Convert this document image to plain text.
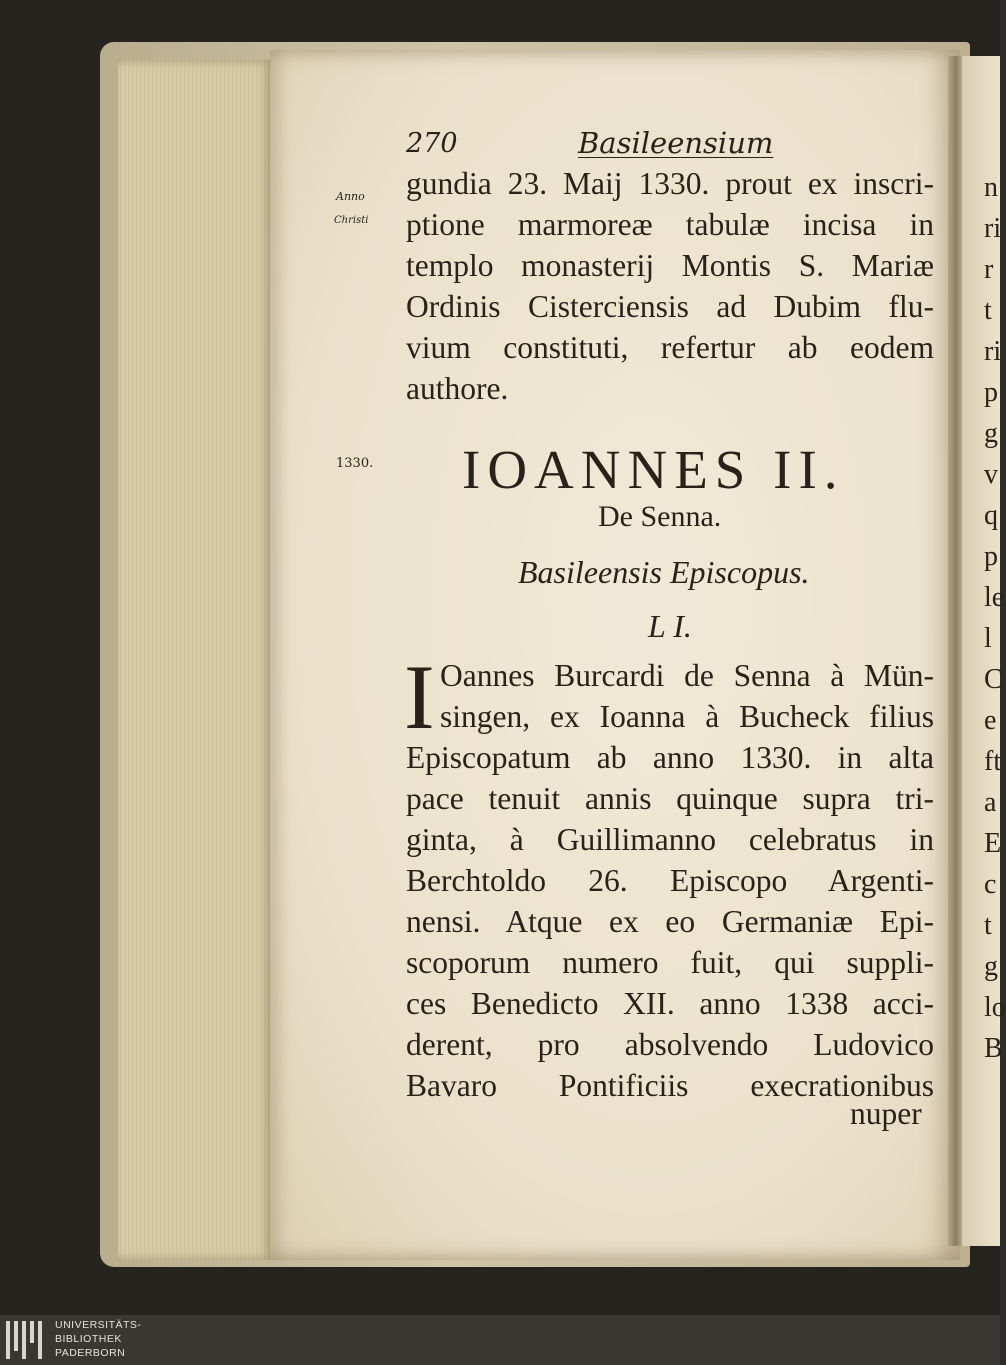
270	Basileensium
Anno
Christi
1330.
gundia 23. Maij 1330. prout ex inscri-
ptione marmoreæ tabulæ incisa in
templo monasterij Montis S. Mariæ
Ordinis Cisterciensis ad Dubim flu-
vium constituti, refertur ab eodem
authore.
IOANNES II.
De Senna.
Basileensis Episcopus.
L I.
I Oannes Burcardi de Senna à Mün-
singen, ex Ioanna à Bucheck filius
Episcopatum ab anno 1330. in alta
pace tenuit annis quinque supra tri-
ginta, à Guillimanno celebratus in
Berchtoldo 26. Episcopo Argenti-
nensi. Atque ex eo Germaniæ Epi-
scoporum numero fuit, qui suppli-
ces Benedicto XII. anno 1338 acci-
derent, pro absolvendo Ludovico
Bavaro Pontificiis execrationibus
nuper
n
ri
r
t
ri
p
g
v
q
p
le
l
C
e
ft
a
E
c
t
g
lo
B
UNIVERSITÄTS-
BIBLIOTHEK
PADERBORN
